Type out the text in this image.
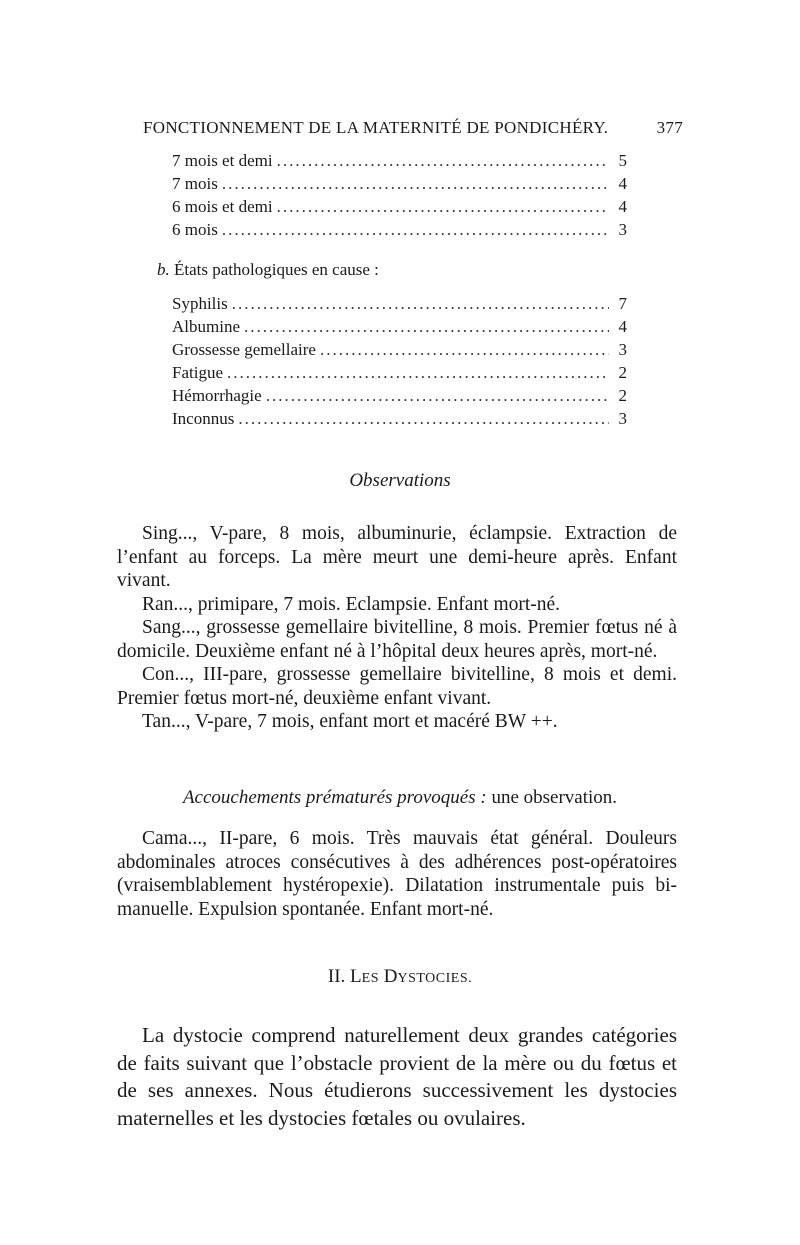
FONCTIONNEMENT DE LA MATERNITÉ DE PONDICHÉRY.	377
7 mois et demi .....	5
7 mois .....	4
6 mois et demi .....	4
6 mois .....	3
b. États pathologiques en cause :
Syphilis .....	7
Albumine .....	4
Grossesse gemellaire .....	3
Fatigue .....	2
Hémorrhagie .....	2
Inconnus .....	3
Observations

Sing..., V-pare, 8 mois, albuminurie, éclampsie. Extraction de l’enfant au forceps. La mère meurt une demi-heure après. Enfant vivant.

Ran..., primipare, 7 mois. Eclampsie. Enfant mort-né.

Sang..., grossesse gemellaire bivitelline, 8 mois. Premier fœtus né à domicile. Deuxième enfant né à l’hôpital deux heures après, mort-né.

Con..., III-pare, grossesse gemellaire bivitelline, 8 mois et demi. Premier fœtus mort-né, deuxième enfant vivant.

Tan..., V-pare, 7 mois, enfant mort et macéré BW ++.

Accouchements prématurés provoqués : une observation.

Cama..., II-pare, 6 mois. Très mauvais état général. Douleurs abdominales atroces consécutives à des adhérences post-opératoires (vraisemblablement hystéropexie). Dilatation instrumentale puis bi-manuelle. Expulsion spontanée. Enfant mort-né.

II. LES DYSTOCIES.

La dystocie comprend naturellement deux grandes catégories de faits suivant que l’obstacle provient de la mère ou du fœtus et de ses annexes. Nous étudierons successivement les dystocies maternelles et les dystocies fœtales ou ovulaires.
